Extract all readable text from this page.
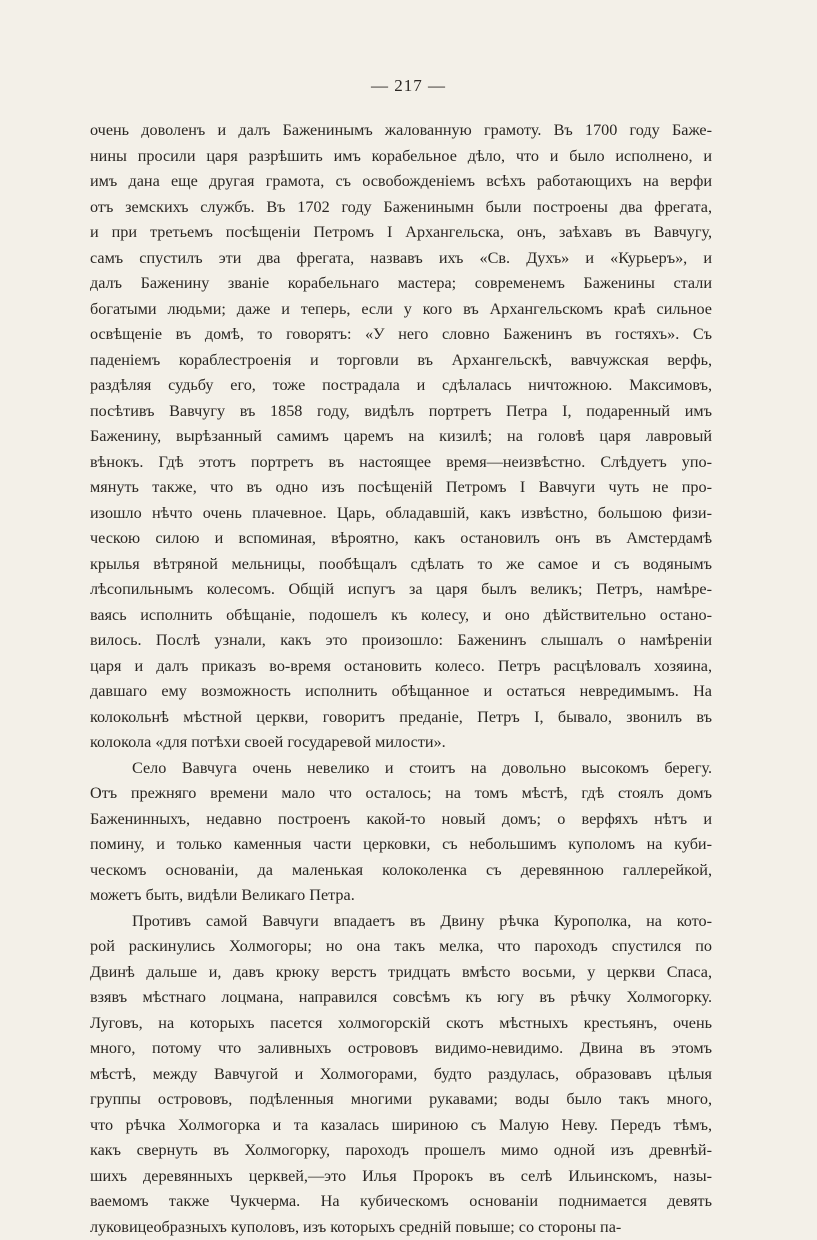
— 217 —
очень доволенъ и далъ Баженинымъ жалованную грамоту. Въ 1700 году Баже-
нины просили царя разрѣшить имъ корабельное дѣло, что и было исполнено, и
имъ дана еще другая грамота, съ освобожденіемъ всѣхъ работающихъ на верфи
отъ земскихъ службъ. Въ 1702 году Баженинымн были построены два фрегата,
и при третьемъ посѣщеніи Петромъ I Архангельска, онъ, заѣхавъ въ Вавчугу,
самъ спустилъ эти два фрегата, назвавъ ихъ «Св. Духъ» и «Курьеръ», и
далъ Баженину званіе корабельнаго мастера; современемъ Баженины стали
богатыми людьми; даже и теперь, если у кого въ Архангельскомъ краѣ сильное
освѣщеніе въ домѣ, то говорятъ: «У него словно Баженинъ въ гостяхъ». Съ
паденіемъ кораблестроенія и торговли въ Архангельскѣ, вавчужская верфь,
раздѣляя судьбу его, тоже пострадала и сдѣлалась ничтожною. Максимовъ,
посѣтивъ Вавчугу въ 1858 году, видѣлъ портретъ Петра I, подаренный имъ
Баженину, вырѣзанный самимъ царемъ на кизилѣ; на головѣ царя лавровый
вѣнокъ. Гдѣ этотъ портретъ въ настоящее время—неизвѣстно. Слѣдуетъ упо-
мянуть также, что въ одно изъ посѣщеній Петромъ I Вавчуги чуть не про-
изошло нѣчто очень плачевное. Царь, обладавшій, какъ извѣстно, большою физи-
ческою силою и вспоминая, вѣроятно, какъ остановилъ онъ въ Амстердамѣ
крылья вѣтряной мельницы, пообѣщалъ сдѣлать то же самое и съ водянымъ
лѣсопильнымъ колесомъ. Общій испугъ за царя былъ великъ; Петръ, намѣре-
ваясь исполнить обѣщаніе, подошелъ къ колесу, и оно дѣйствительно остано-
вилось. Послѣ узнали, какъ это произошло: Баженинъ слышалъ о намѣреніи
царя и далъ приказъ во-время остановить колесо. Петръ расцѣловалъ хозяина,
давшаго ему возможность исполнить обѣщанное и остаться невредимымъ. На
колокольнѣ мѣстной церкви, говоритъ преданіе, Петръ I, бывало, звонилъ въ
колокола «для потѣхи своей государевой милости».
Село Вавчуга очень невелико и стоитъ на довольно высокомъ берегу.
Отъ прежняго времени мало что осталось; на томъ мѣстѣ, гдѣ стоялъ домъ
Баженинныхъ, недавно построенъ какой-то новый домъ; о верфяхъ нѣтъ и
помину, и только каменныя части церковки, съ небольшимъ куполомъ на куби-
ческомъ основаніи, да маленькая колоколенка съ деревянною галлерейкой,
можетъ быть, видѣли Великаго Петра.
Противъ самой Вавчуги впадаетъ въ Двину рѣчка Курополка, на кото-
рой раскинулись Холмогоры; но она такъ мелка, что пароходъ спустился по
Двинѣ дальше и, давъ крюку верстъ тридцать вмѣсто восьми, у церкви Спаса,
взявъ мѣстнаго лоцмана, направился совсѣмъ къ югу въ рѣчку Холмогорку.
Луговъ, на которыхъ пасется холмогорскій скотъ мѣстныхъ крестьянъ, очень
много, потому что заливныхъ острововъ видимо-невидимо. Двина въ этомъ
мѣстѣ, между Вавчугой и Холмогорами, будто раздулась, образовавъ цѣлыя
группы острововъ, подѣленныя многими рукавами; воды было такъ много,
что рѣчка Холмогорка и та казалась шириною съ Малую Неву. Передъ тѣмъ,
какъ свернуть въ Холмогорку, пароходъ прошелъ мимо одной изъ древнѣй-
шихъ деревянныхъ церквей,—это Илья Пророкъ въ селѣ Ильинскомъ, назы-
ваемомъ также Чукчерма. На кубическомъ основаніи поднимается девять
луковицеобразныхъ куполовъ, изъ которыхъ средній повыше; со стороны па-
